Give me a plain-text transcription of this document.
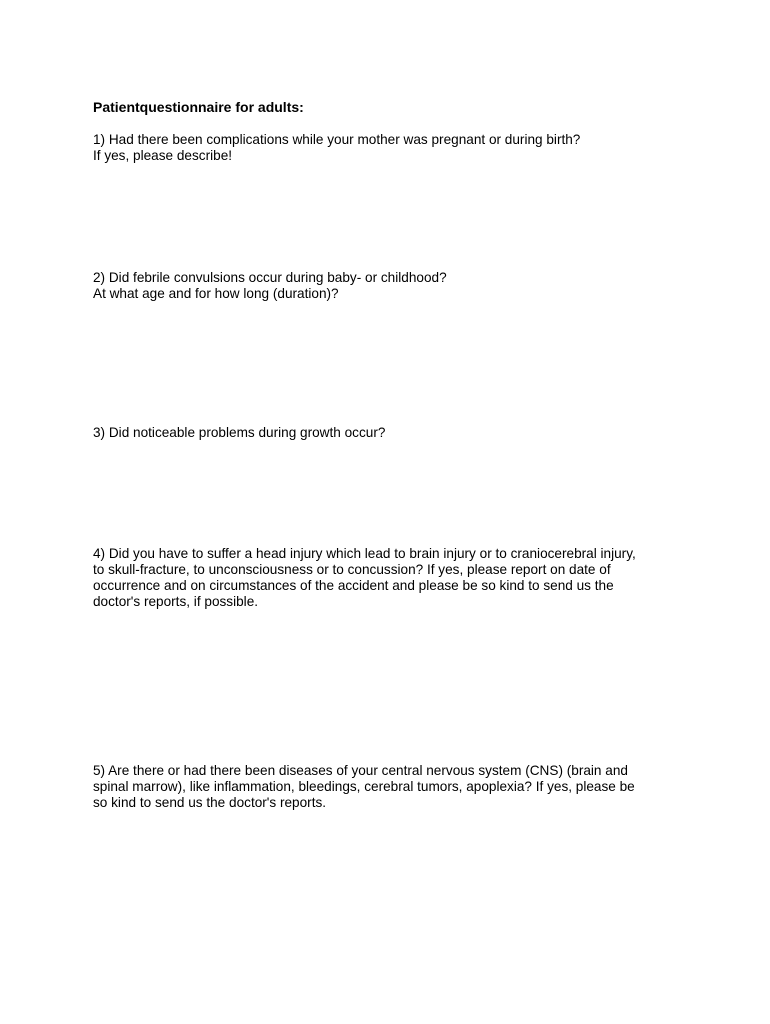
Patientquestionnaire for adults:
1) Had there been complications while your mother was pregnant or during birth?
If yes, please describe!
2) Did febrile convulsions occur during baby- or childhood?
At what age and for how long (duration)?
3) Did noticeable problems during growth occur?
4) Did you have to suffer a head injury which lead to brain injury or to craniocerebral injury,
to skull-fracture, to unconsciousness or to concussion? If yes, please report on date of
occurrence and on circumstances of the accident and please be so kind to send us the
doctor's reports, if possible.
5) Are there or had there been diseases of your central nervous system (CNS) (brain and
spinal marrow), like inflammation, bleedings, cerebral tumors, apoplexia? If yes, please be
so kind to send us the doctor's reports.
